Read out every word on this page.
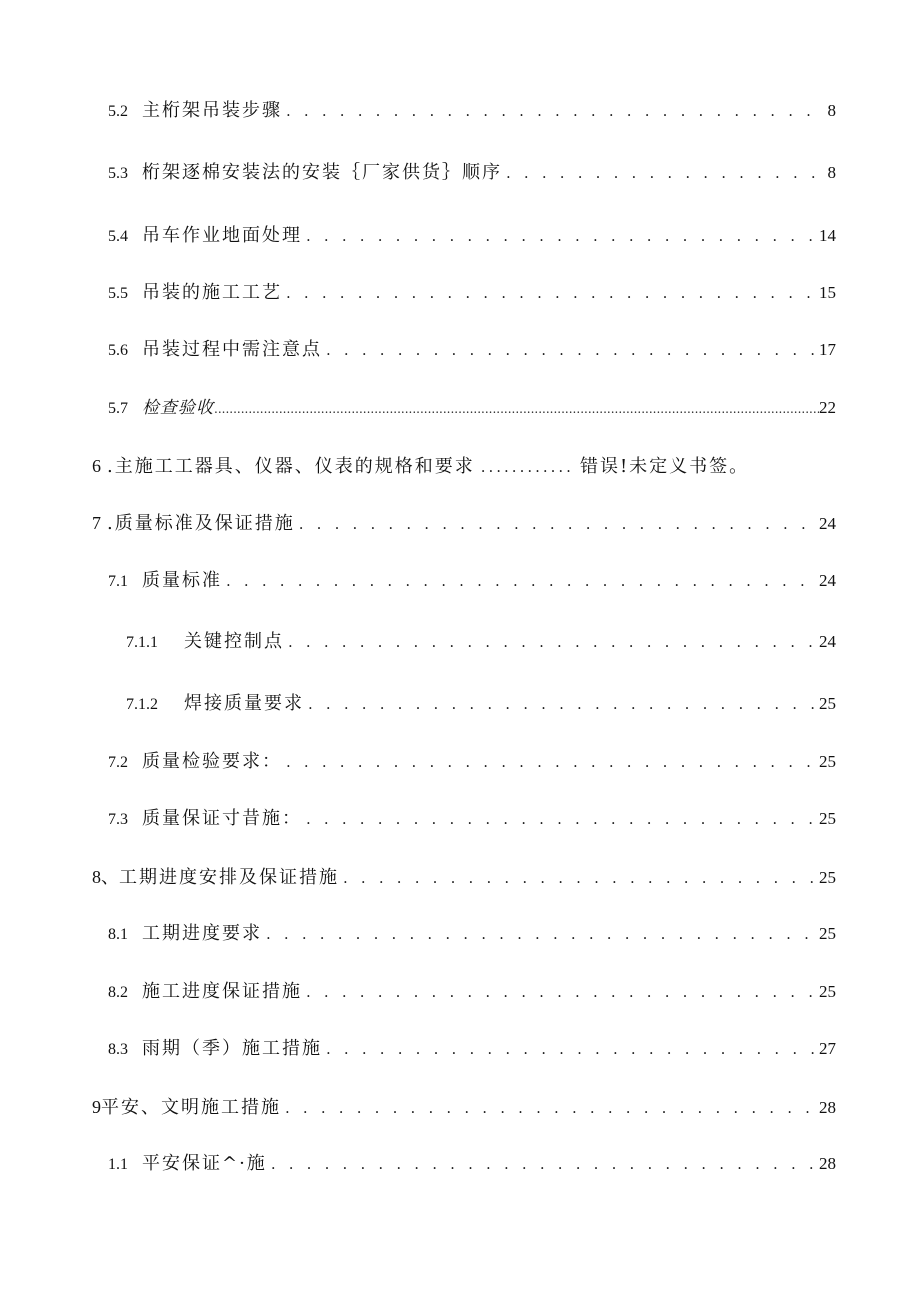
5.2 主桁架吊装步骤 . . .	8
5.3 桁架逐棉安装法的安装｛厂家供货｝顺序 . . .	8
5.4 吊车作业地面处理 . . .	14
5.5 吊装的施工工艺 . . .	15
5.6 吊装过程中需注意点 . . .	17
5.7 检查验收 .....	22
6 .主施工工器具、仪器、仪表的规格和要求 .....	错误!未定义书签。
7 .质量标准及保证措施 . . .	24
7.1 质量标准 . . .	24
7.1.1 关键控制点 . . .	24
7.1.2 焊接质量要求 . . .	25
7.2 质量检验要求： . . .	25
7.3 质量保证寸昔施： . . .	25
8、 工期进度安排及保证措施 . . .	25
8.1 工期进度要求 . . .	25
8.2 施工进度保证措施 . . .	25
8.3 雨期（季）施工措施 . . .	27
9 平安、文明施工措施 . . .	28
1.1 平安保证^·施 . . .	28
